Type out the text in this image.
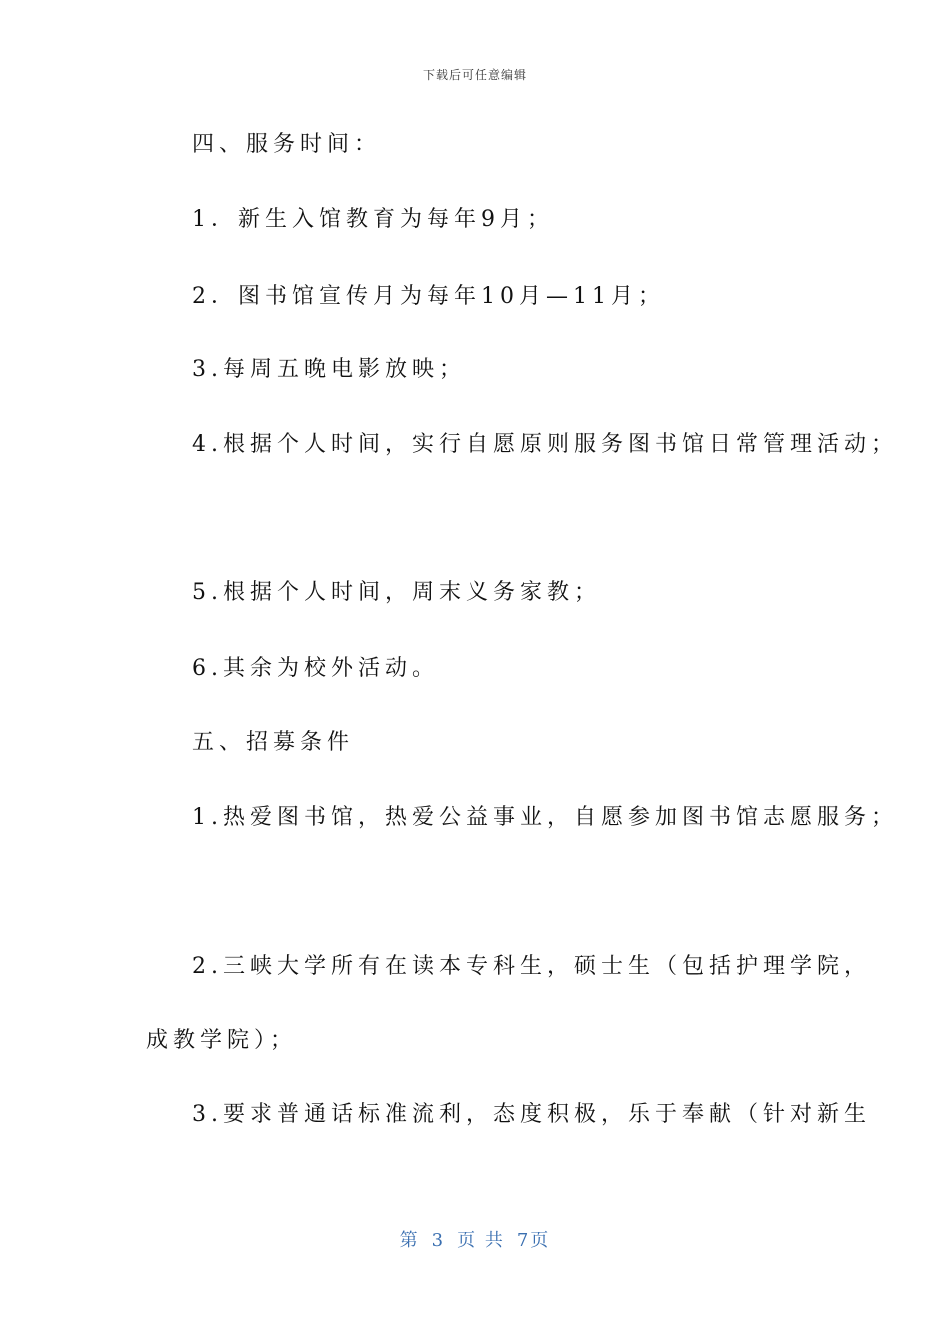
下载后可任意编辑
四、服务时间：
1．新生入馆教育为每年9月；
2．图书馆宣传月为每年10月—11月；
3.每周五晚电影放映；
4.根据个人时间，实行自愿原则服务图书馆日常管理活动；
5.根据个人时间，周末义务家教；
6.其余为校外活动。
五、招募条件
1.热爱图书馆，热爱公益事业，自愿参加图书馆志愿服务；
2.三峡大学所有在读本专科生，硕士生（包括护理学院，
成教学院）；
3.要求普通话标准流利，态度积极，乐于奉献（针对新生
第 3 页 共 7页
